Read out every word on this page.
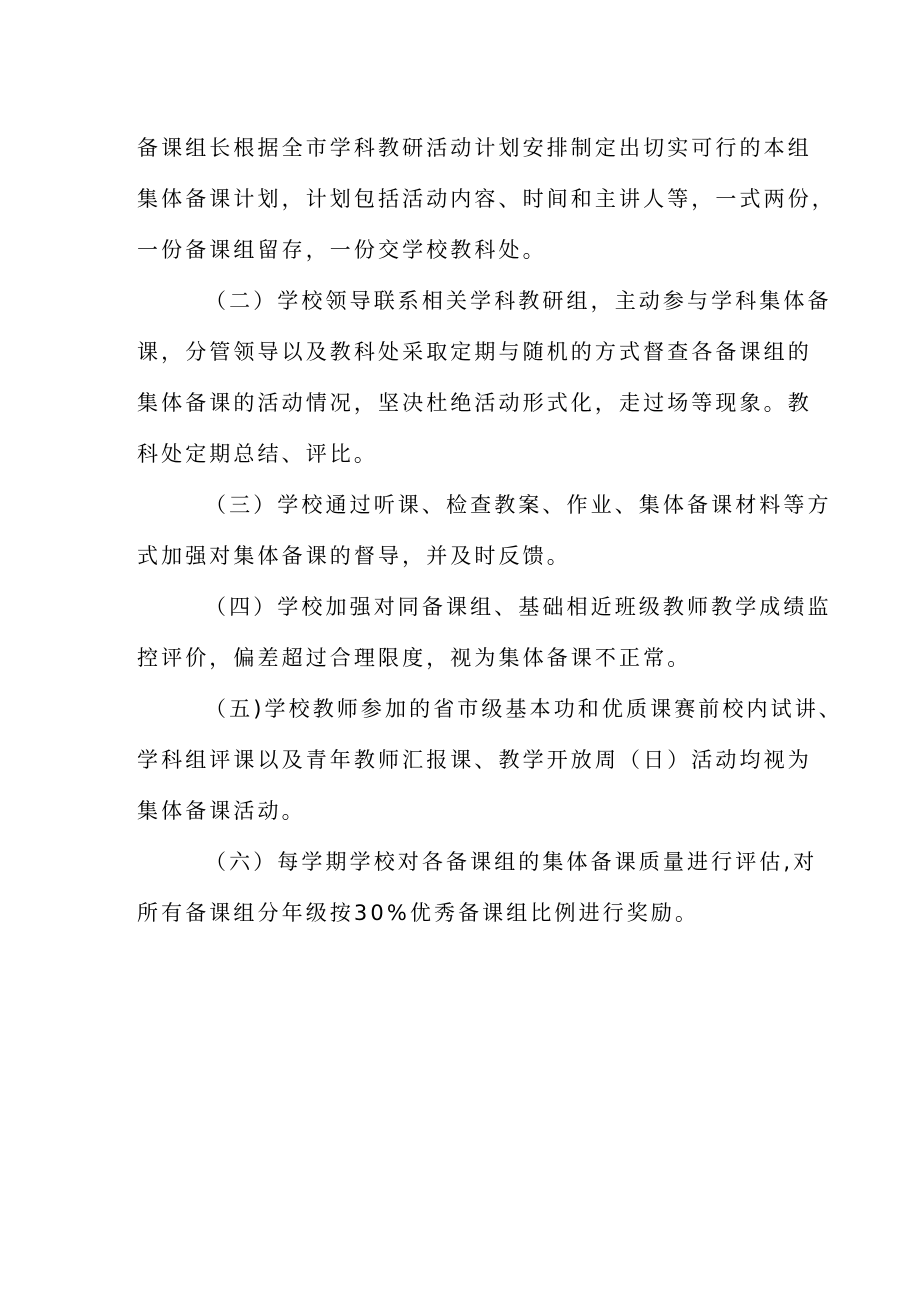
备课组长根据全市学科教研活动计划安排制定出切实可行的本组
集体备课计划，计划包括活动内容、时间和主讲人等，一式两份，
一份备课组留存，一份交学校教科处。
（二）学校领导联系相关学科教研组，主动参与学科集体备
课，分管领导以及教科处采取定期与随机的方式督查各备课组的
集体备课的活动情况，坚决杜绝活动形式化，走过场等现象。教
科处定期总结、评比。
（三）学校通过听课、检查教案、作业、集体备课材料等方
式加强对集体备课的督导，并及时反馈。
（四）学校加强对同备课组、基础相近班级教师教学成绩监
控评价，偏差超过合理限度，视为集体备课不正常。
（五)学校教师参加的省市级基本功和优质课赛前校内试讲、
学科组评课以及青年教师汇报课、教学开放周（日）活动均视为
集体备课活动。
（六）每学期学校对各备课组的集体备课质量进行评估,对
所有备课组分年级按30%优秀备课组比例进行奖励。
